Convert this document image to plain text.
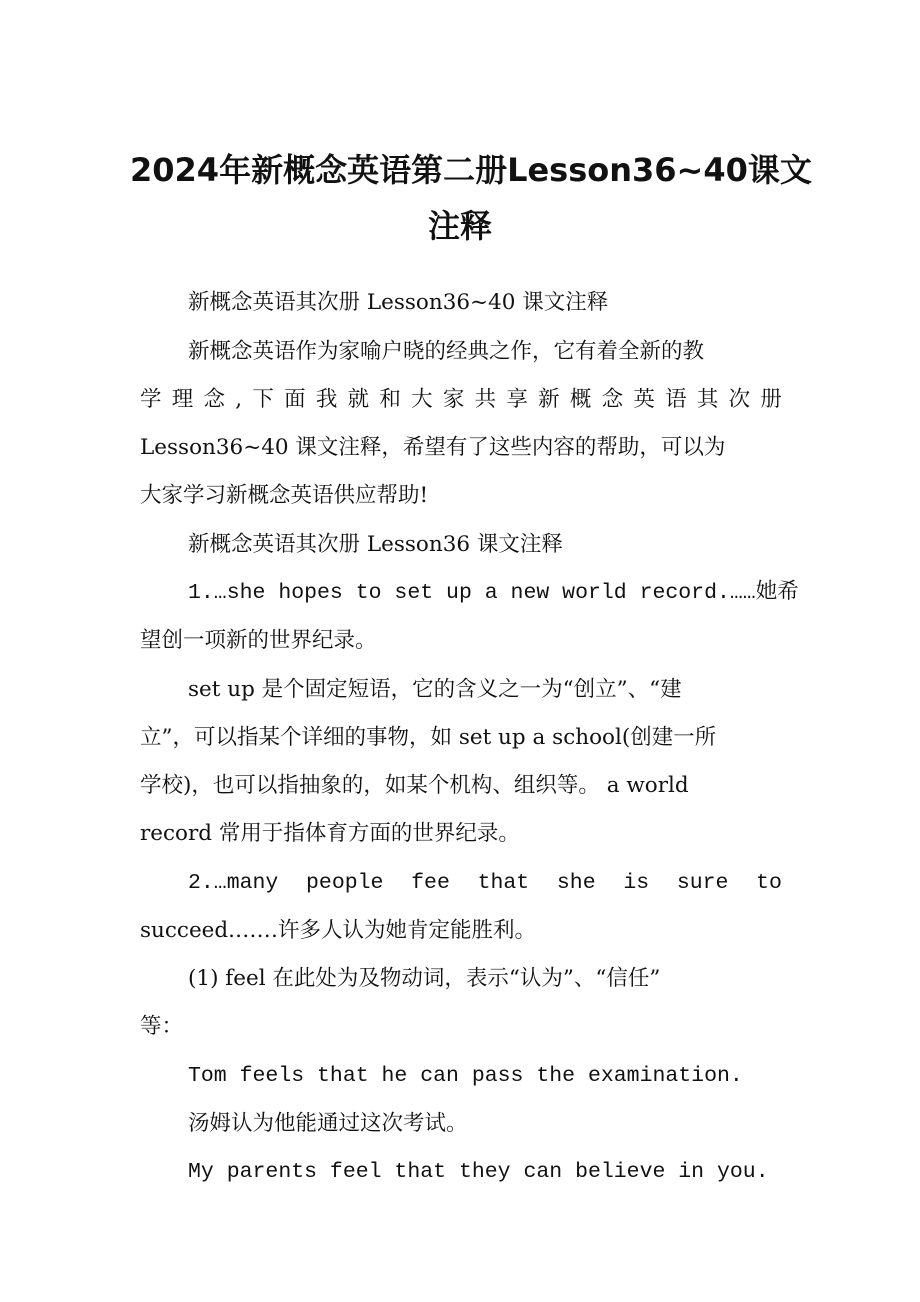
2024年新概念英语第二册Lesson36~40课文
注释

新概念英语其次册 Lesson36~40 课文注释

新概念英语作为家喻户晓的经典之作，它有着全新的教

学 理 念 , 下 面 我 就 和 大 家 共 享 新 概 念 英 语 其 次 册

Lesson36~40 课文注释，希望有了这些内容的帮助，可以为

大家学习新概念英语供应帮助!

新概念英语其次册 Lesson36 课文注释

1.…she hopes to set up a new world record.……她希

望创一项新的世界纪录。

set up 是个固定短语，它的含义之一为“创立”、“建

立”，可以指某个详细的事物，如 set up a school(创建一所

学校)，也可以指抽象的，如某个机构、组织等。 a world

record 常用于指体育方面的世界纪录。

2.…many people fee that she is sure to

succeed.……许多人认为她肯定能胜利。

(1) feel 在此处为及物动词，表示“认为”、“信任”

等：

Tom feels that he can pass the examination.

汤姆认为他能通过这次考试。

My parents feel that they can believe in you.
